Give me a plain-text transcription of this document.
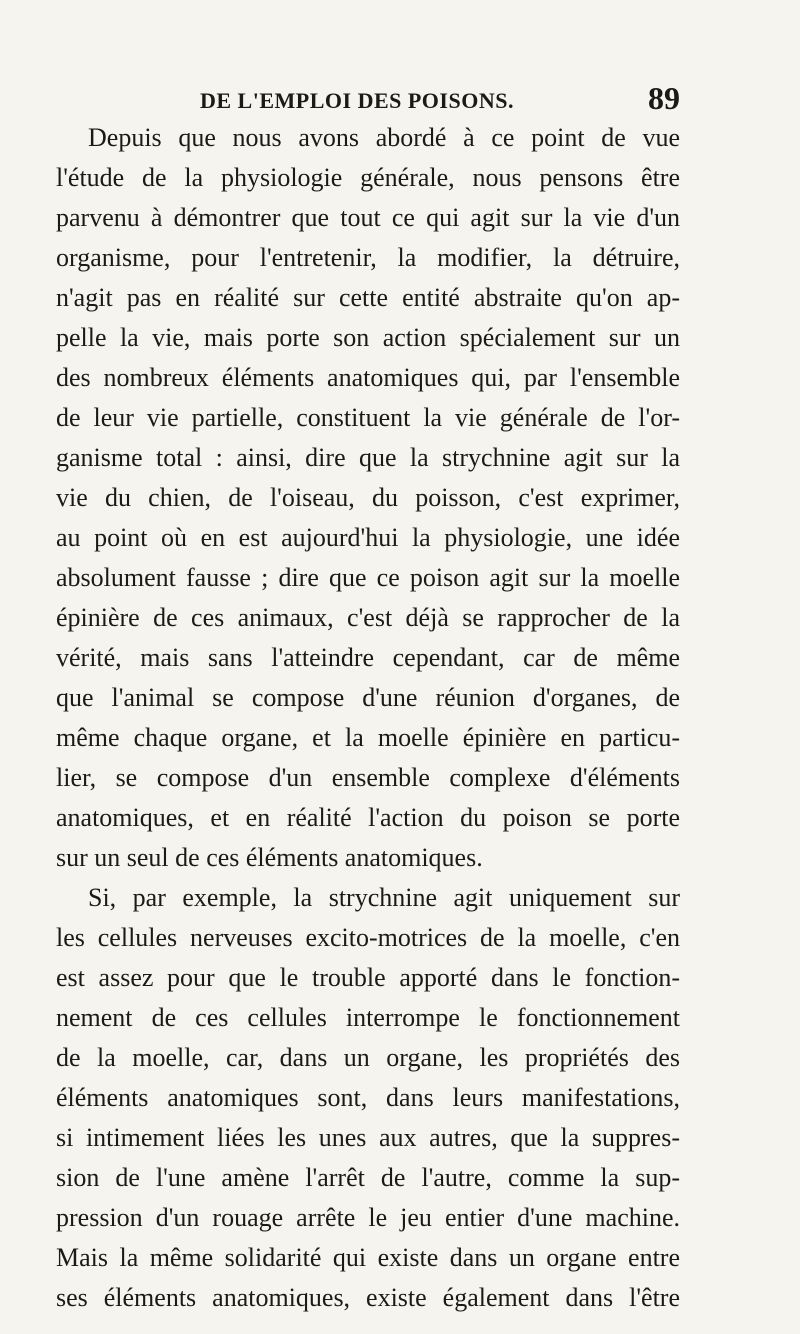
DE L'EMPLOI DES POISONS.	89
Depuis que nous avons abordé à ce point de vue
l'étude de la physiologie générale, nous pensons être
parvenu à démontrer que tout ce qui agit sur la vie d'un
organisme, pour l'entretenir, la modifier, la détruire,
n'agit pas en réalité sur cette entité abstraite qu'on ap-
pelle la vie, mais porte son action spécialement sur un
des nombreux éléments anatomiques qui, par l'ensemble
de leur vie partielle, constituent la vie générale de l'or-
ganisme total : ainsi, dire que la strychnine agit sur la
vie du chien, de l'oiseau, du poisson, c'est exprimer,
au point où en est aujourd'hui la physiologie, une idée
absolument fausse ; dire que ce poison agit sur la moelle
épinière de ces animaux, c'est déjà se rapprocher de la
vérité, mais sans l'atteindre cependant, car de même
que l'animal se compose d'une réunion d'organes, de
même chaque organe, et la moelle épinière en particu-
lier, se compose d'un ensemble complexe d'éléments
anatomiques, et en réalité l'action du poison se porte
sur un seul de ces éléments anatomiques.
Si, par exemple, la strychnine agit uniquement sur
les cellules nerveuses excito-motrices de la moelle, c'en
est assez pour que le trouble apporté dans le fonction-
nement de ces cellules interrompe le fonctionnement
de la moelle, car, dans un organe, les propriétés des
éléments anatomiques sont, dans leurs manifestations,
si intimement liées les unes aux autres, que la suppres-
sion de l'une amène l'arrêt de l'autre, comme la sup-
pression d'un rouage arrête le jeu entier d'une machine.
Mais la même solidarité qui existe dans un organe entre
ses éléments anatomiques, existe également dans l'être
